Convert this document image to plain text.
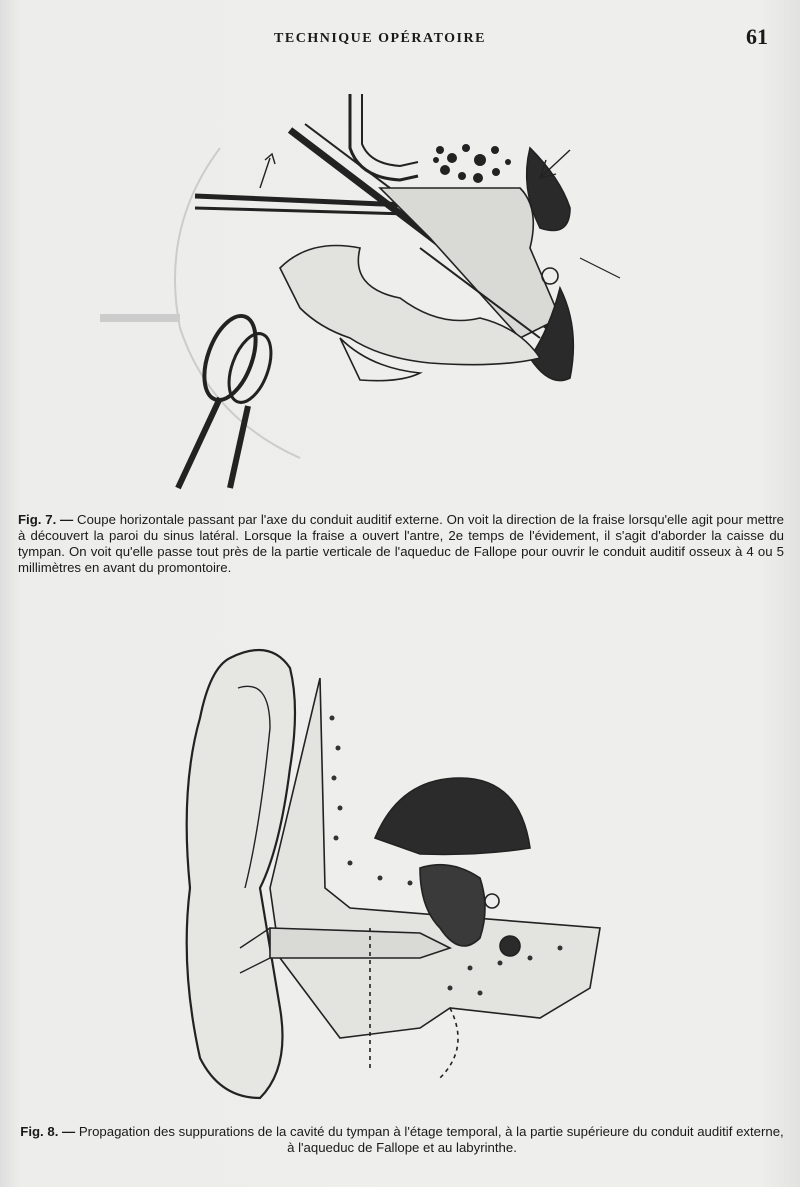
TECHNIQUE OPÉRATOIRE	61
Fig. 7. — Coupe horizontale passant par l'axe du conduit auditif externe. On voit la direction de la fraise lorsqu'elle agit pour mettre à découvert la paroi du sinus latéral. Lorsque la fraise a ouvert l'antre, 2e temps de l'évidement, il s'agit d'aborder la caisse du tympan. On voit qu'elle passe tout près de la partie verticale de l'aqueduc de Fallope pour ouvrir le conduit auditif osseux à 4 ou 5 millimètres en avant du promontoire.
Fig. 8. — Propagation des suppurations de la cavité du tympan à l'étage temporal, à la partie supérieure du conduit auditif externe, à l'aqueduc de Fallope et au labyrinthe.
